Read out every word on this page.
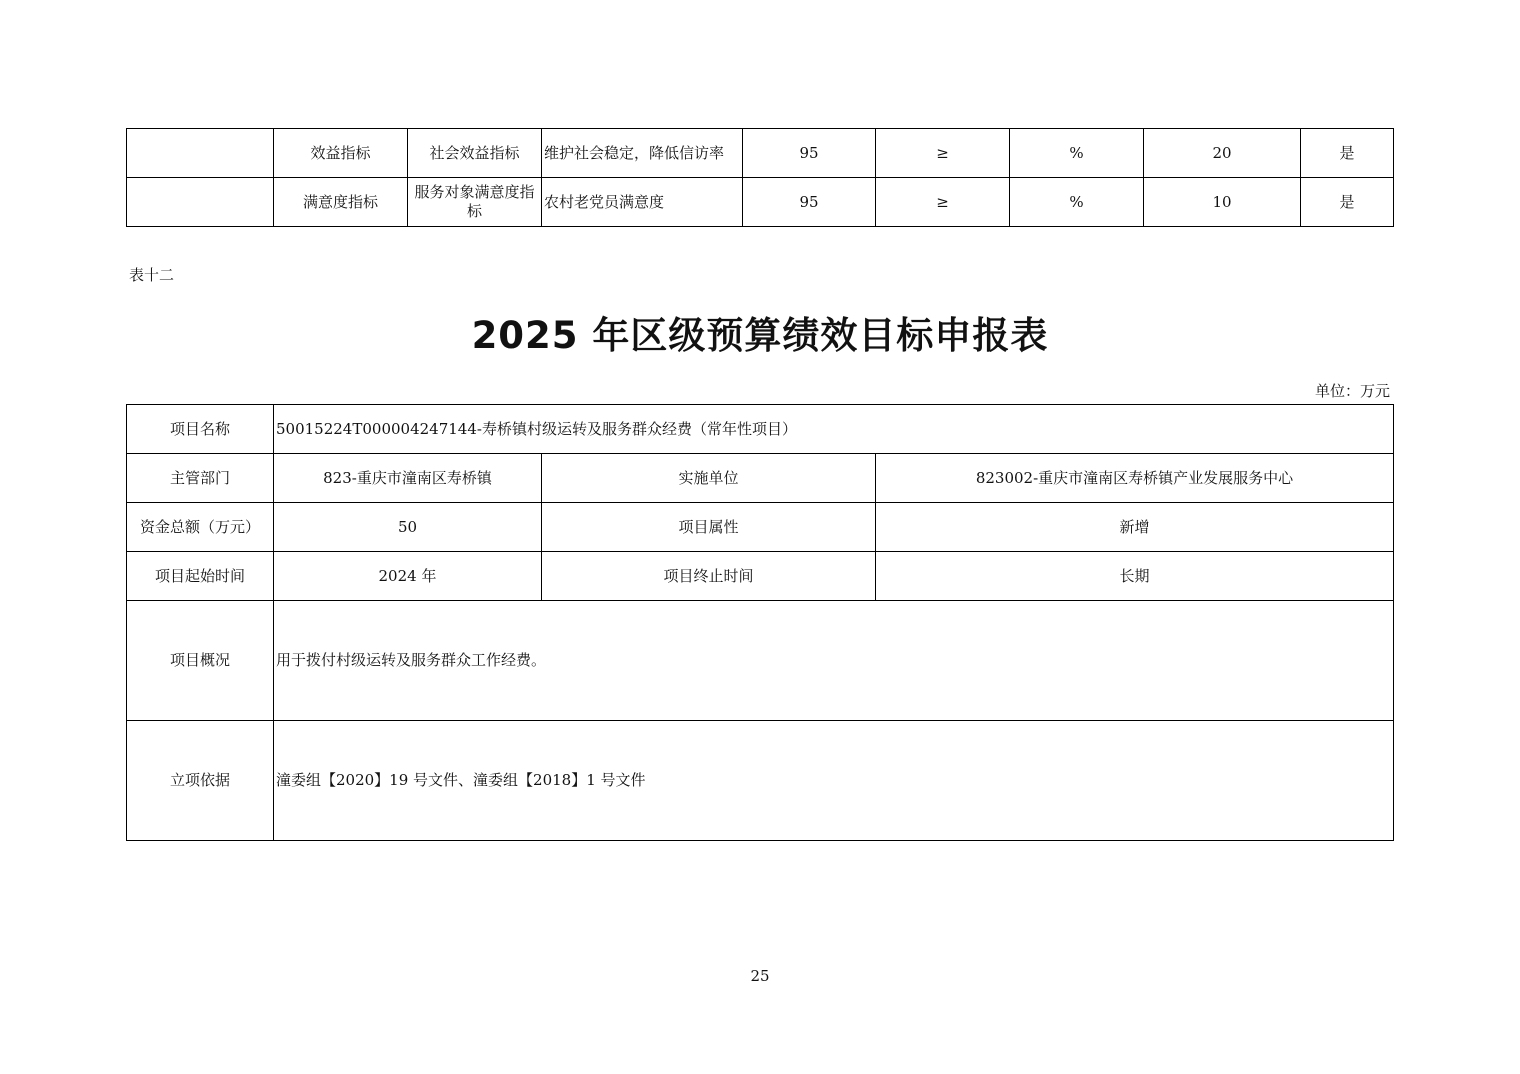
	效益指标	社会效益指标	维护社会稳定，降低信访率	95	≥	%	20	是
	满意度指标	服务对象满意度指标	农村老党员满意度	95	≥	%	10	是
表十二
2025 年区级预算绩效目标申报表
单位：万元
项目名称	50015224T000004247144-寿桥镇村级运转及服务群众经费（常年性项目）		
主管部门	823-重庆市潼南区寿桥镇	实施单位	823002-重庆市潼南区寿桥镇产业发展服务中心
资金总额（万元）	50	项目属性	新增
项目起始时间	2024 年	项目终止时间	长期
项目概况	用于拨付村级运转及服务群众工作经费。		
立项依据	潼委组【2020】19 号文件、潼委组【2018】1 号文件		
25
